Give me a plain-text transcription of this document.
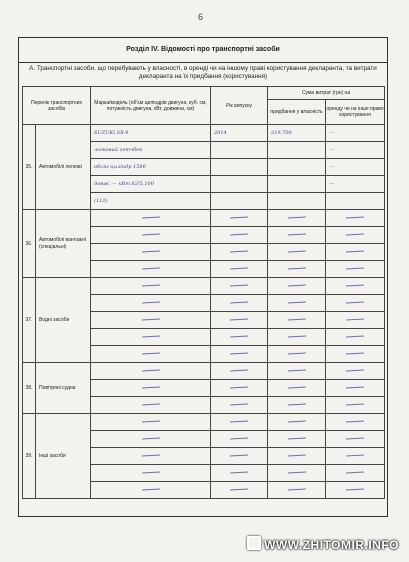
6
Розділ IV. Відомості про транспортні засоби
А. Транспортні засоби, що перебувають у власності, в оренді чи на іншому праві користування декларанта, та витрати декларанта на їх придбання (користування)
Перелік транспортних засобів		Марка/модель (об'єм циліндрів двигуна, куб. см, потужність двигуна, кВт, довжина, см)	Рік випуску	Сума витрат (грн) на	
				придбання у власність	оренду чи на інше право користування
35.	Автомобілі легкові	SUZUKI SX-4	2014	219,700	—
		легковий хетчбек			—
		обсяг циліндр 1586			—
		довж. — кВт 82/5,100			—
		(112)			
36.	Автомобілі вантажні (спеціальні)				

37.	Водні засоби				

38.	Повітряні судна				

39.	Інші засоби				

WWW.ZHITOMIR.INFO
